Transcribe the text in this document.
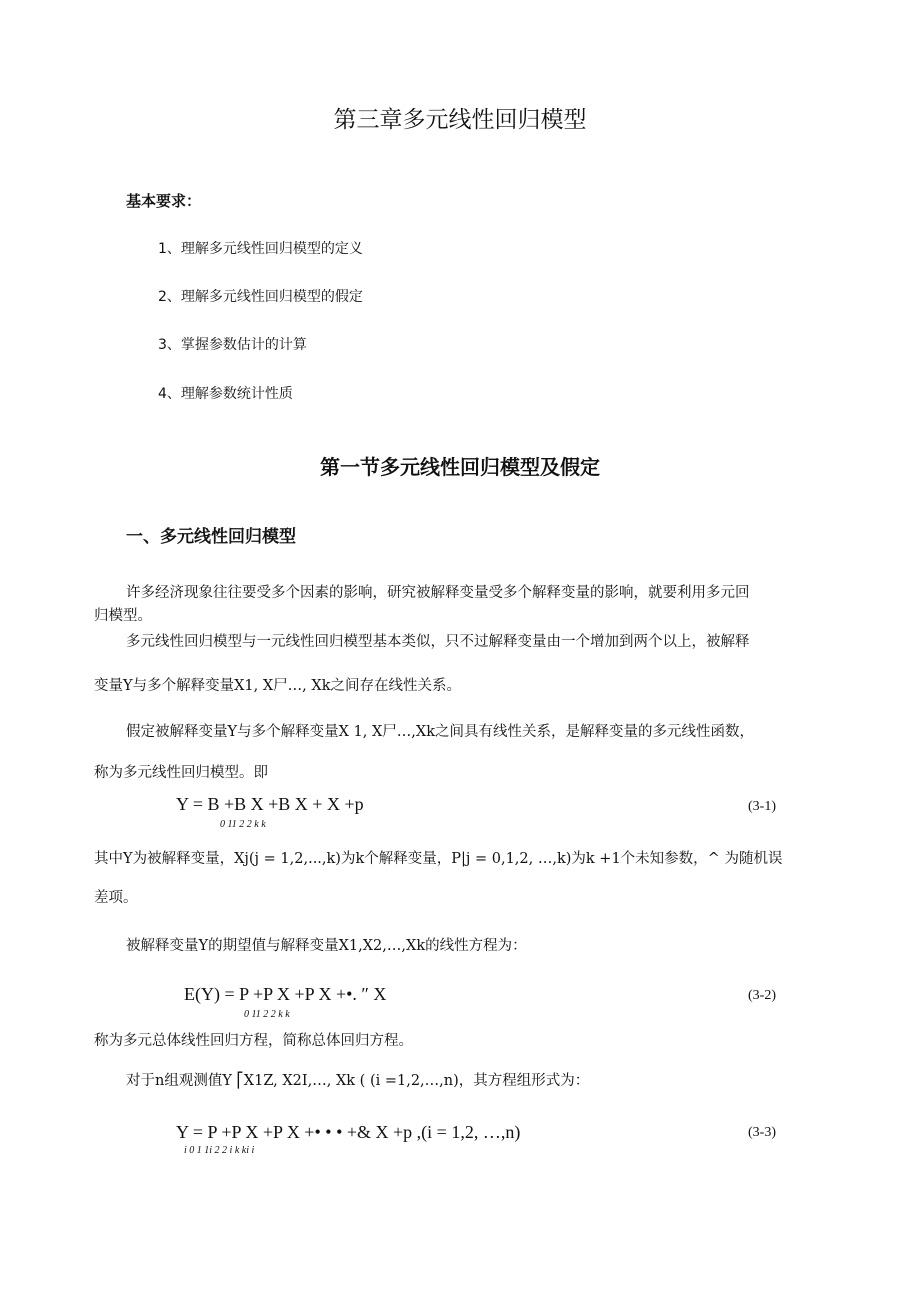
第三章多元线性回归模型
基本要求：
1、理解多元线性回归模型的定义
2、理解多元线性回归模型的假定
3、掌握参数估计的计算
4、理解参数统计性质
第一节多元线性回归模型及假定
一、多元线性回归模型
许多经济现象往往要受多个因素的影响，研究被解释变量受多个解释变量的影响，就要利用多元回
归模型。
多元线性回归模型与一元线性回归模型基本类似，只不过解释变量由一个增加到两个以上，被解释
变量Y与多个解释变量X1, X尸…, Xk之间存在线性关系。
假定被解释变量Y与多个解释变量X 1, X尸…,Xk之间具有线性关系，是解释变量的多元线性函数，
称为多元线性回归模型。即
Y = B +B X +B X + X +p
0 11 2 2 k k
(3-1)
其中Y为被解释变量，Xj(j = 1,2,...,k)为k个解释变量，P|j = 0,1,2, …,k)为k +1个未知参数，^ 为随机误
差项。
被解释变量Y的期望值与解释变量X1,X2,…,Xk的线性方程为：
E(Y) = P +P X +P X +•. ″ X
0 11 2 2 k k
(3-2)
称为多元总体线性回归方程，简称总体回归方程。
对于n组观测值Y ⎡X1Z, X2I,…, Xk ( (i =1,2,…,n)，其方程组形式为：
Y = P +P X +P X +• • • +& X +p ,(i = 1,2, …,n)
i 0 1 1i 2 2 i k ki i
(3-3)
